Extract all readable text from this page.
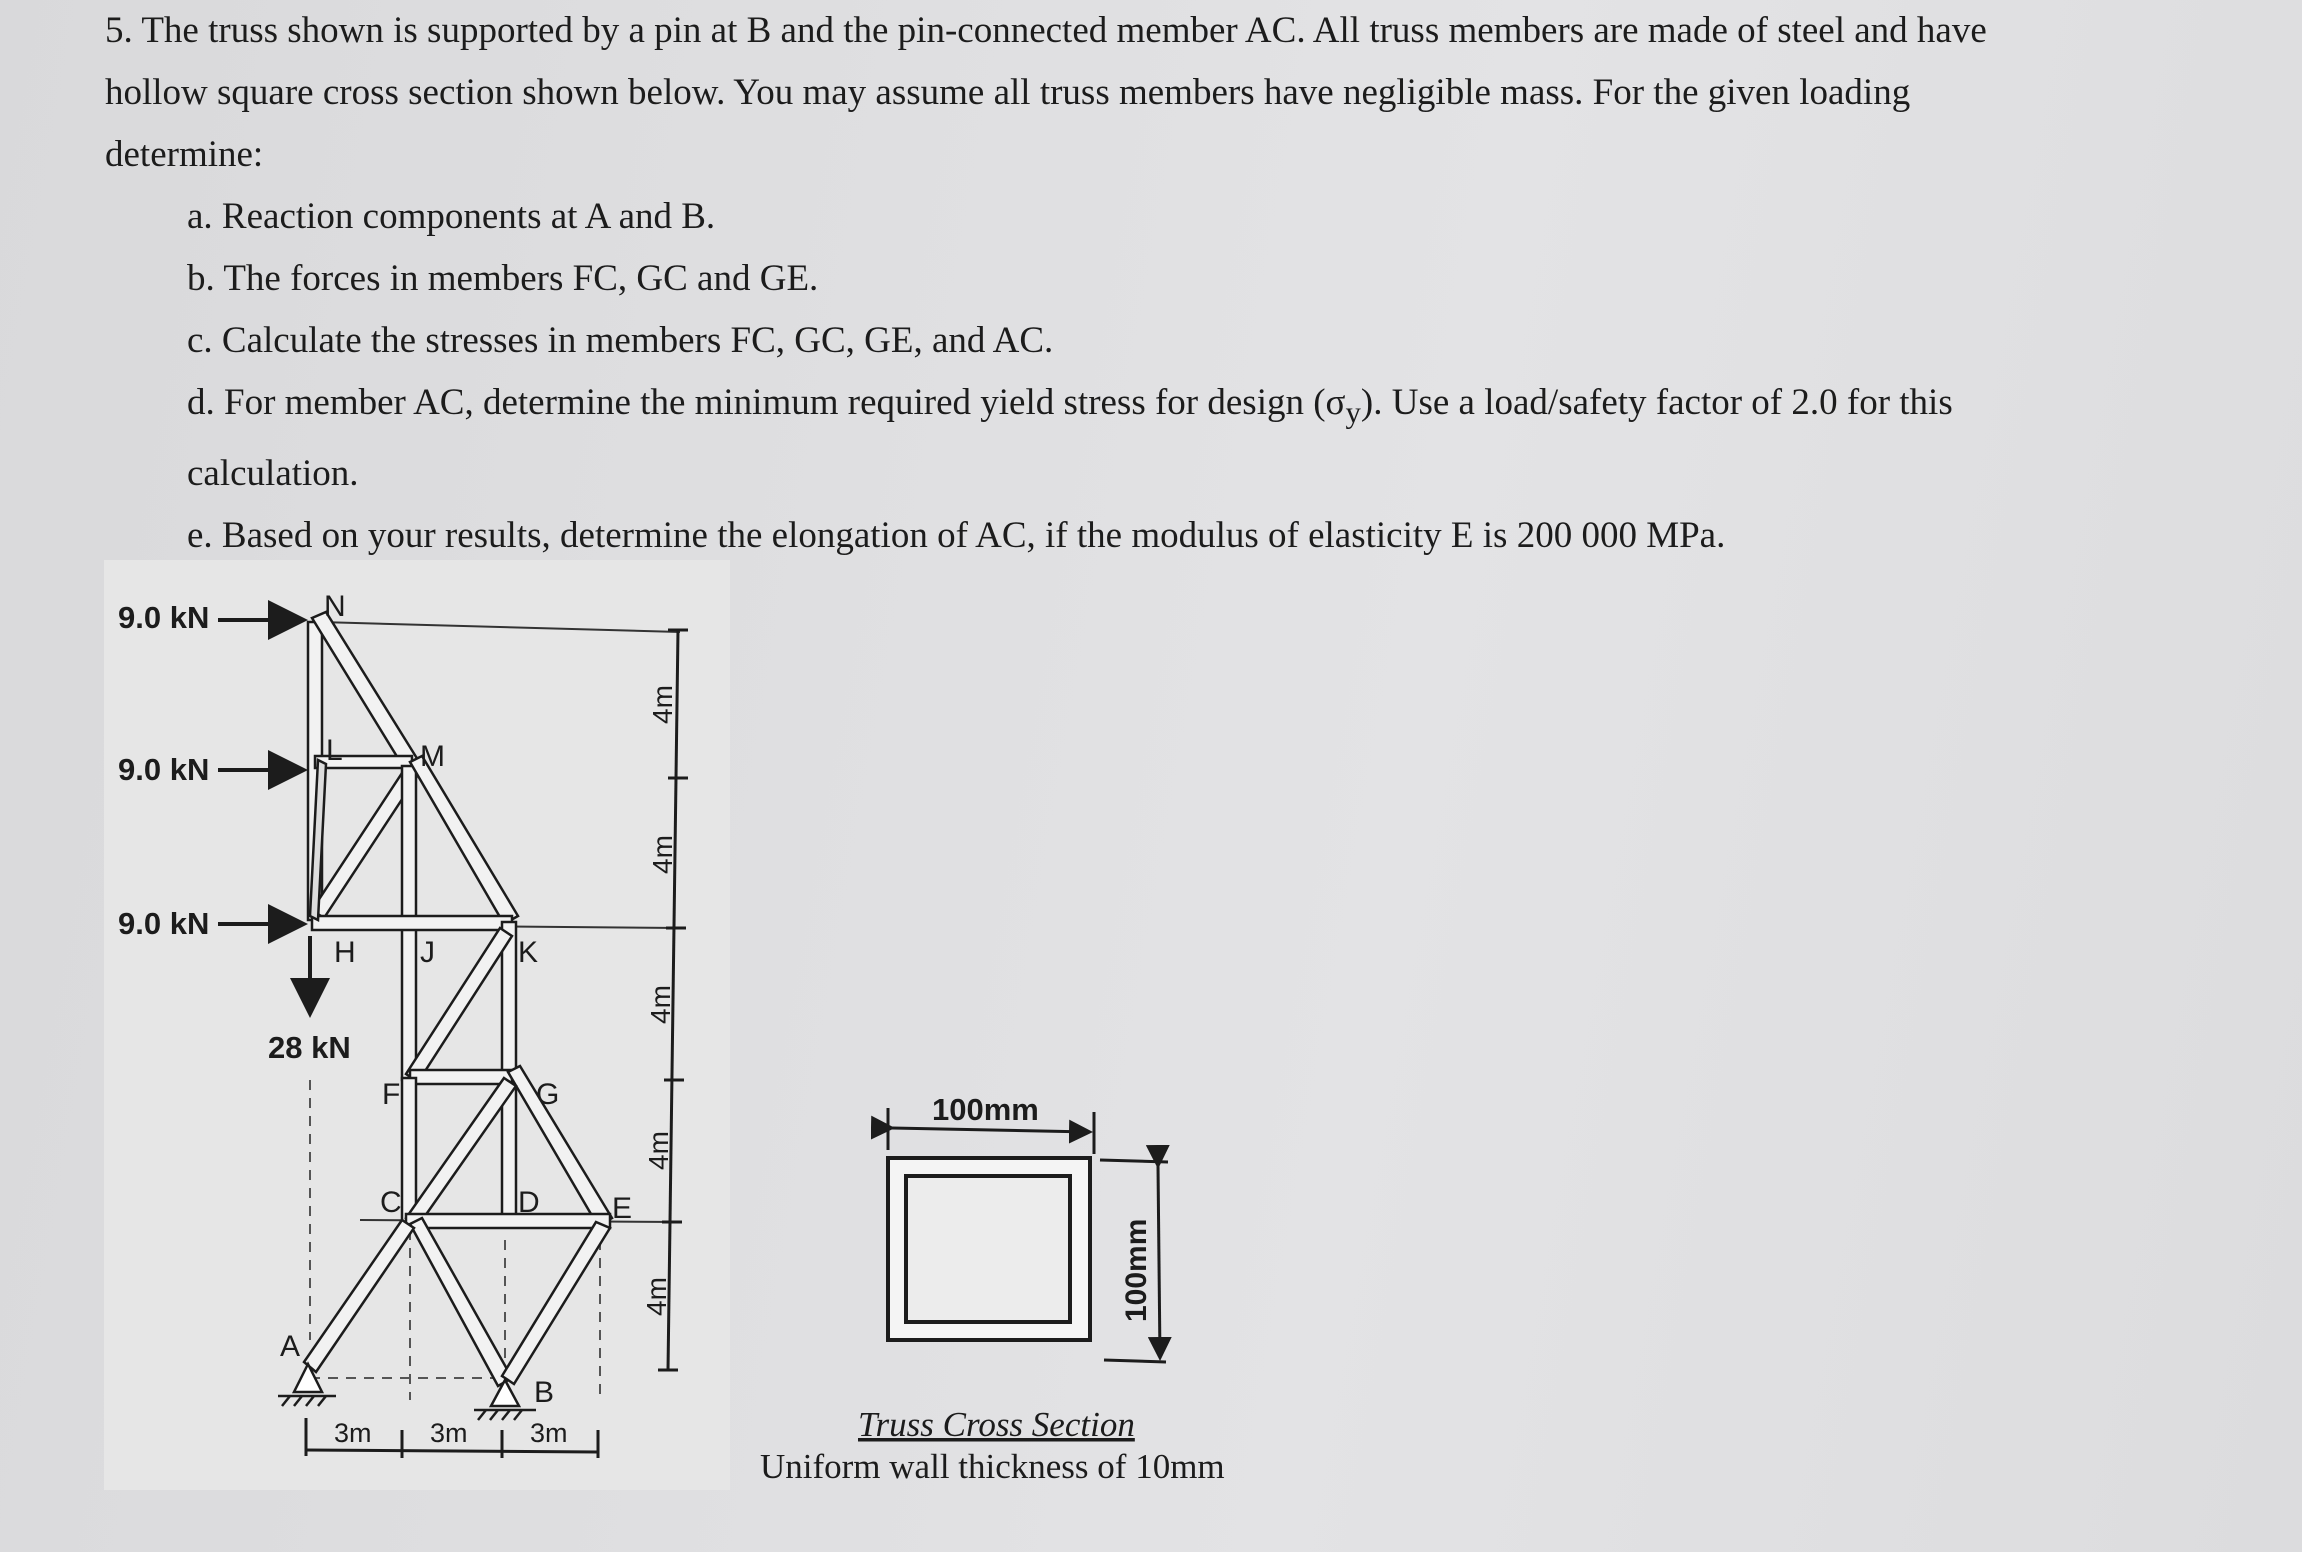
5. The truss shown is supported by a pin at B and the pin-connected member AC. All truss members are made of steel and have

hollow square cross section shown below. You may assume all truss members have negligible mass. For the given loading

determine:

a. Reaction components at A and B.

b. The forces in members FC, GC and GE.

c. Calculate the stresses in members FC, GC, GE, and AC.

d. For member AC, determine the minimum required yield stress for design $(\sigma_y)$. Use a load/safety factor of 2.0 for this

calculation.

e. Based on your results, determine the elongation of AC, if the modulus of elasticity E is 200 000 MPa.

9.0 kN
9.0 kN
9.0 kN
28 kN
N
L	M
H J	K
F	G
C	D E
A
B
4m
4m
4m
4m
4m
3m 3m 3m
100mm
100mm
Truss Cross Section
Uniform wall thickness of 10mm
